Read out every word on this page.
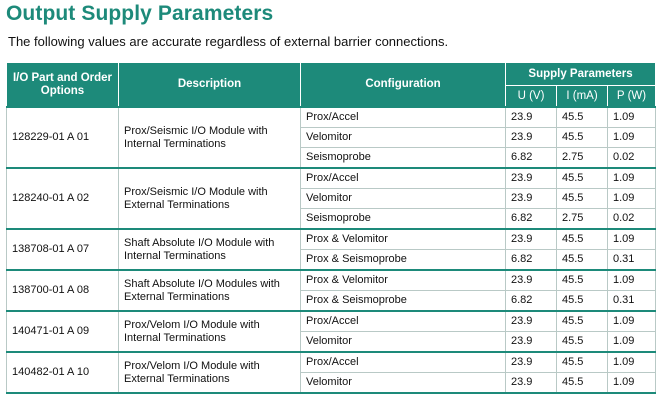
Output Supply Parameters

The following values are accurate regardless of external barrier connections.

I/O Part and Order Options	Description	Configuration	Supply Parameters		
			U (V)	I (mA)	P (W)
128229-01 A 01	Prox/Seismic I/O Module with Internal Terminations	Prox/Accel	23.9	45.5	1.09
		Velomitor	23.9	45.5	1.09
		Seismoprobe	6.82	2.75	0.02
128240-01 A 02	Prox/Seismic I/O Module with External Terminations	Prox/Accel	23.9	45.5	1.09
		Velomitor	23.9	45.5	1.09
		Seismoprobe	6.82	2.75	0.02
138708-01 A 07	Shaft Absolute I/O Module with Internal Terminations	Prox & Velomitor	23.9	45.5	1.09
		Prox & Seismoprobe	6.82	45.5	0.31
138700-01 A 08	Shaft Absolute I/O Modules with External Terminations	Prox & Velomitor	23.9	45.5	1.09
		Prox & Seismoprobe	6.82	45.5	0.31
140471-01 A 09	Prox/Velom I/O Module with Internal Terminations	Prox/Accel	23.9	45.5	1.09
		Velomitor	23.9	45.5	1.09
140482-01 A 10	Prox/Velom I/O Module with External Terminations	Prox/Accel	23.9	45.5	1.09
		Velomitor	23.9	45.5	1.09
